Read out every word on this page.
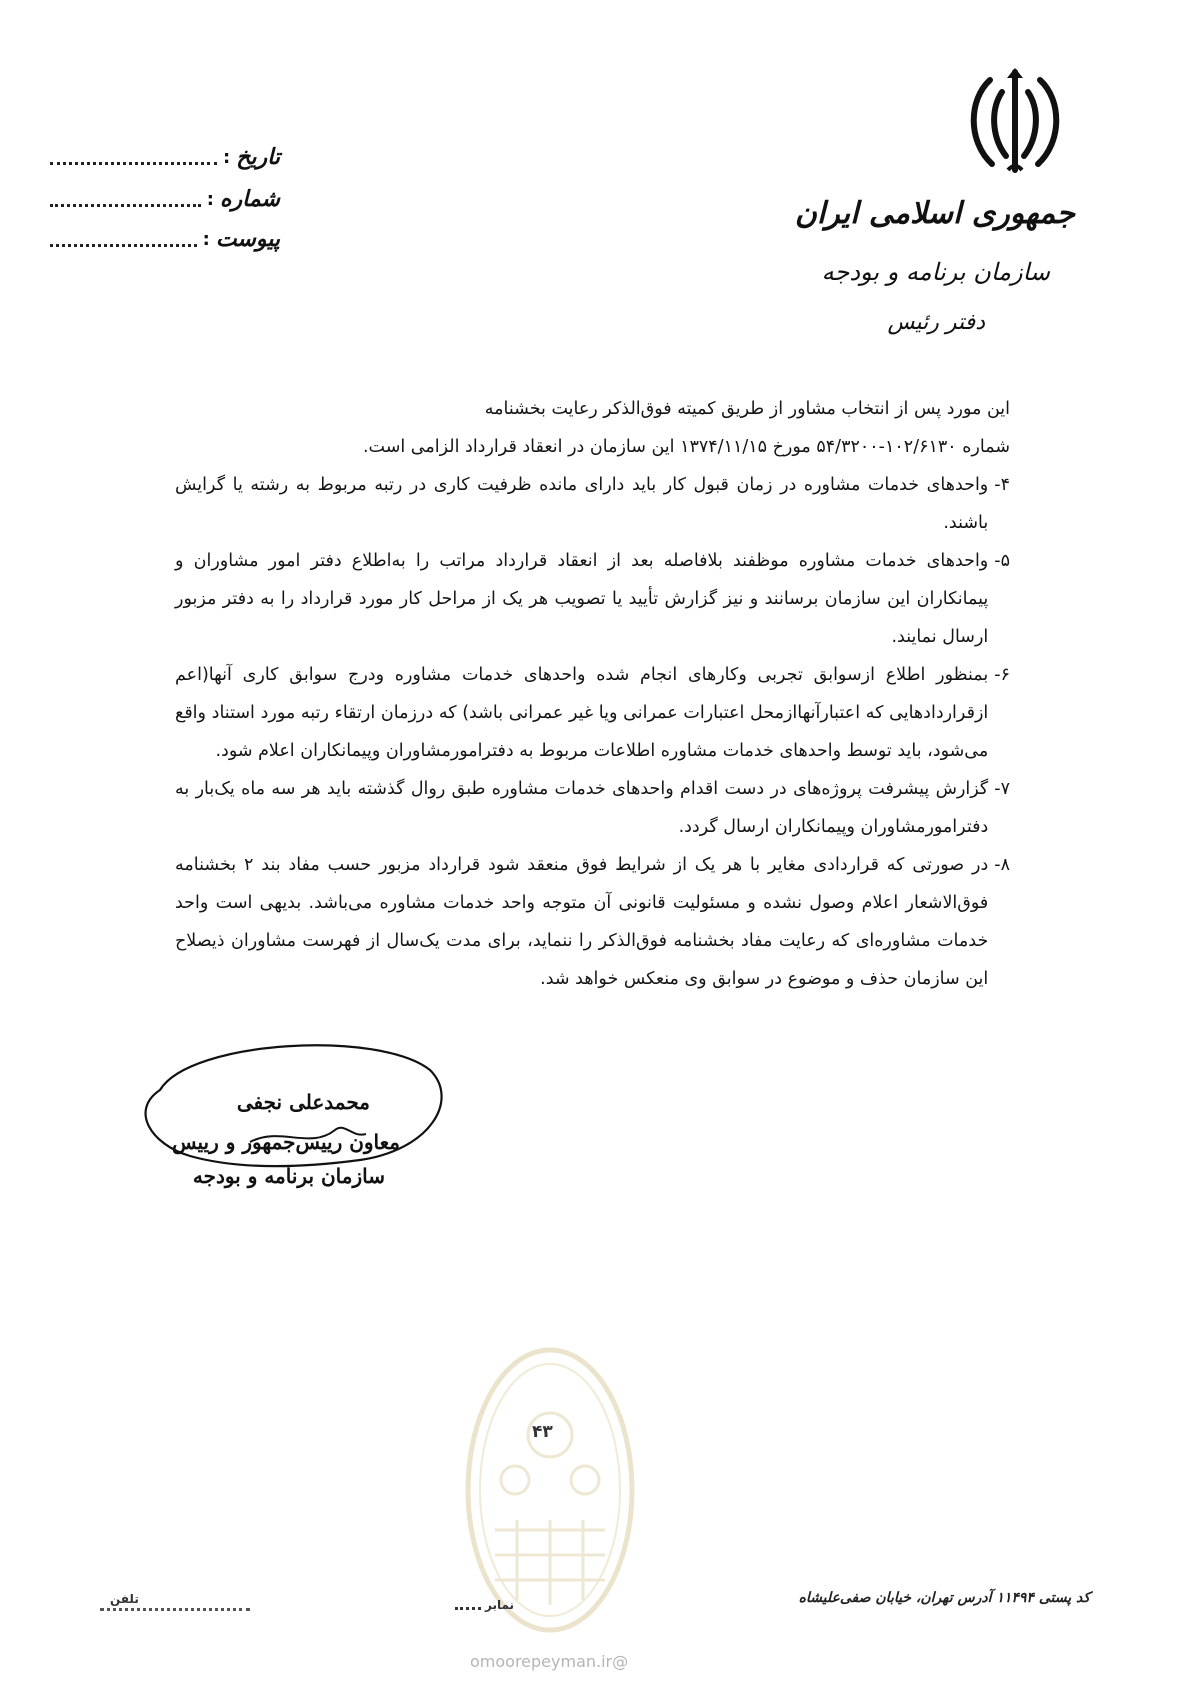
جمهوری اسلامی ایران
سازمان برنامه و بودجه
دفتر رئیس
تاریخ
:
شماره
:
پیوست
:

این مورد پس از انتخاب مشاور از طریق کمیته فوق‌الذکر رعایت بخشنامه

شماره ۱۰۲/۶۱۳۰-۵۴/۳۲۰۰ مورخ ۱۳۷۴/۱۱/۱۵ این سازمان در انعقاد قرارداد الزامی است.

۴-
واحدهای خدمات مشاوره در زمان قبول کار باید دارای مانده ظرفیت کاری در رتبه مربوط به رشته یا گرایش باشند.
۵-
واحدهای خدمات مشاوره موظفند بلافاصله بعد از انعقاد قرارداد مراتب را به‌اطلاع دفتر امور مشاوران و پیمانکاران این سازمان برسانند و نیز گزارش تأیید یا تصویب هر یک از مراحل کار مورد قرارداد را به دفتر مزبور ارسال نمایند.
۶-
بمنظور اطلاع ازسوابق تجربی وکارهای انجام شده واحدهای خدمات مشاوره ودرج سوابق کاری آنها(اعم ازقراردادهایی که اعتبارآنهاازمحل اعتبارات عمرانی ویا غیر عمرانی باشد) که درزمان ارتقاء رتبه مورد استناد واقع می‌شود، باید توسط واحدهای خدمات مشاوره اطلاعات مربوط به دفترامورمشاوران وپیمانکاران اعلام شود.
۷-
گزارش پیشرفت پروژه‌های در دست اقدام واحدهای خدمات مشاوره طبق روال گذشته باید هر سه ماه یک‌بار به دفترامورمشاوران وپیمانکاران ارسال گردد.
۸-
در صورتی که قراردادی مغایر با هر یک از شرایط فوق منعقد شود قرارداد مزبور حسب مفاد بند ۲ بخشنامه فوق‌الاشعار اعلام وصول نشده و مسئولیت قانونی آن متوجه واحد خدمات مشاوره می‌باشد. بدیهی است واحد خدمات مشاوره‌ای که رعایت مفاد بخشنامه فوق‌الذکر را ننماید، برای مدت یک‌سال از فهرست مشاوران ذیصلاح این سازمان حذف و موضوع در سوابق وی منعکس خواهد شد.
محمدعلی نجفی
معاون رییس‌جمهور و رییس
سازمان برنامه و بودجه
۴۳
@omoorepeyman.ir
کد پستی ۱۱۴۹۴ آدرس تهران، خیابان صفی‌علیشاه
نمابر
تلفن
